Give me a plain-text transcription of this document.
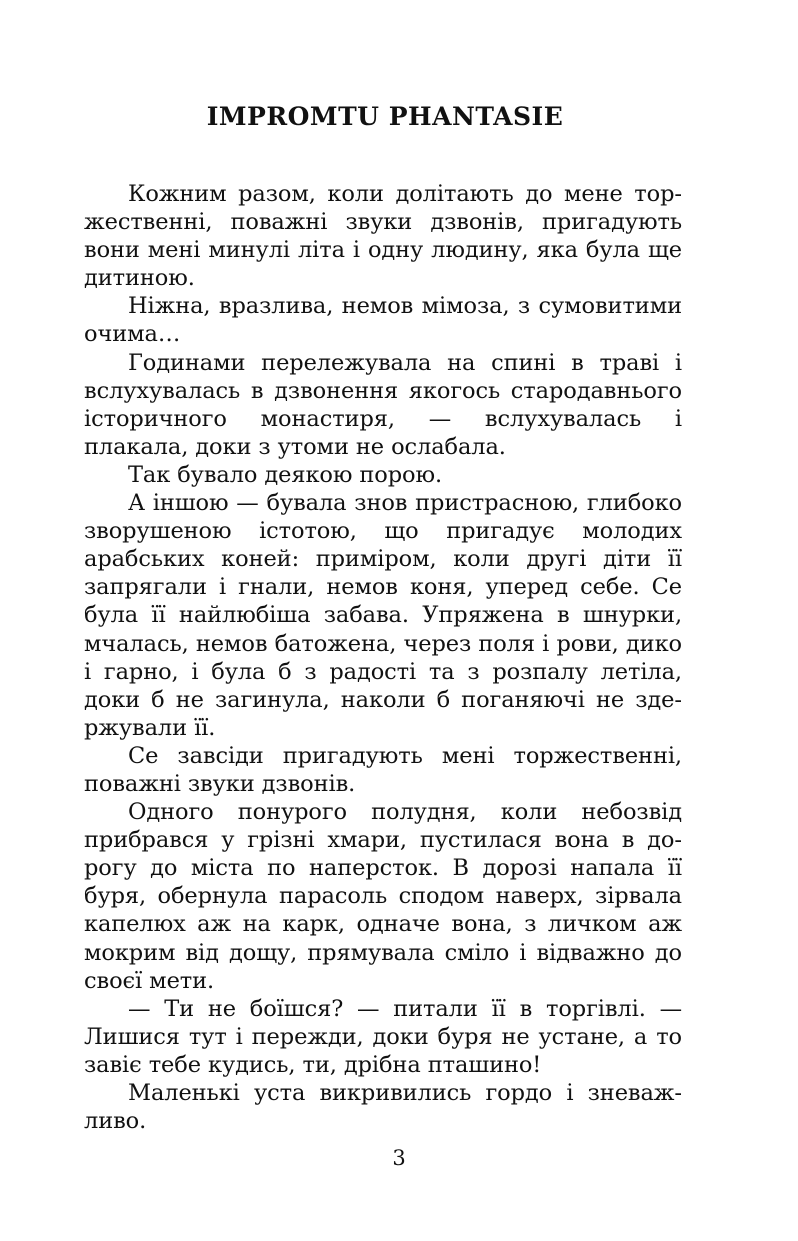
IMPROMTU PHANTASIE

Кожним разом, коли долітають до мене торжественні, поважні звуки дзвонів, пригадують вони мені минулі літа і одну людину, яка була ще дитиною.

Ніжна, вразлива, немов мімоза, з сумовитими очима…

Годинами перележувала на спині в траві і вслухувалась в дзвонення якогось стародавнього історичного монастиря, — вслухувалась і плакала, доки з утоми не ослабала.

Так бувало деякою порою.

А іншою — бувала знов пристрасною, глибоко зворушеною істотою, що пригадує молодих арабських коней: приміром, коли другі діти її запрягали і гнали, немов коня, уперед себе. Се була її найлюбіша забава. Упряжена в шнурки, мчалась, немов батожена, через поля і рови, дико і гарно, і була б з радості та з розпалу летіла, доки б не загинула, наколи б поганяючі не здержували її.

Се завсіди пригадують мені торжественні, поважні звуки дзвонів.

Одного понурого полудня, коли небозвід прибрався у грізні хмари, пустилася вона в дорогу до міста по наперсток. В дорозі напала її буря, обернула парасоль сподом наверх, зірвала капелюх аж на карк, одначе вона, з личком аж мокрим від дощу, прямувала сміло і відважно до своєї мети.

— Ти не боїшся? — питали її в торгівлі. — Лишися тут і пережди, доки буря не устане, а то завіє тебе кудись, ти, дрібна пташино!

Маленькі уста викривились гордо і зневажливо.

3
